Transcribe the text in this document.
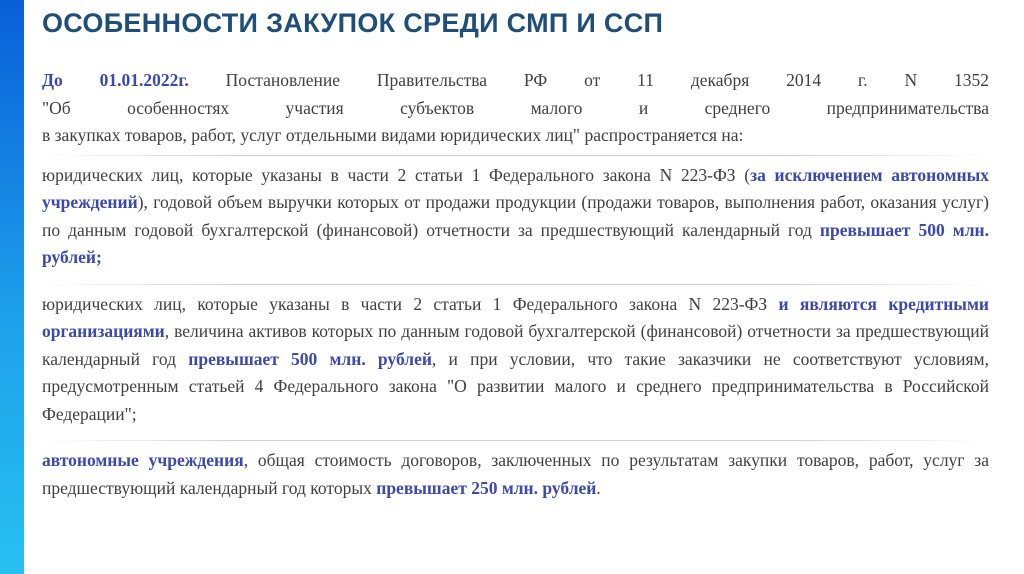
ОСОБЕННОСТИ ЗАКУПОК СРЕДИ СМП И ССП

До 01.01.2022г. Постановление Правительства РФ от 11 декабря 2014 г. N 1352
"Об особенностях участия субъектов малого и среднего предпринимательства
в закупках товаров, работ, услуг отдельными видами юридических лиц" распространяется на:

юридических лиц, которые указаны в части 2 статьи 1 Федерального закона N 223-ФЗ (за исключением автономных учреждений), годовой объем выручки которых от продажи продукции (продажи товаров, выполнения работ, оказания услуг) по данным годовой бухгалтерской (финансовой) отчетности за предшествующий календарный год превышает 500 млн. рублей;

юридических лиц, которые указаны в части 2 статьи 1 Федерального закона N 223-ФЗ и являются кредитными организациями, величина активов которых по данным годовой бухгалтерской (финансовой) отчетности за предшествующий календарный год превышает 500 млн. рублей, и при условии, что такие заказчики не соответствуют условиям, предусмотренным статьей 4 Федерального закона "О развитии малого и среднего предпринимательства в Российской Федерации";

автономные учреждения, общая стоимость договоров, заключенных по результатам закупки товаров, работ, услуг за предшествующий календарный год которых превышает 250 млн. рублей.
